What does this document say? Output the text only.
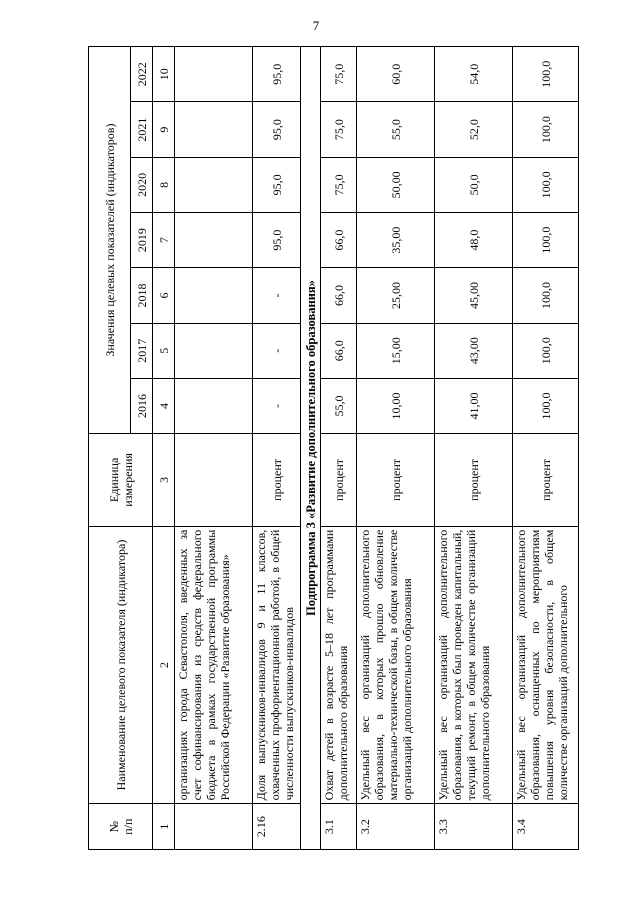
7
№
п/п	Наименование целевого показателя (индикатора)	Единица измерения	Значения целевых показателей (индикаторов)						
			2016	2017	2018	2019	2020	2021	2022
1	2	3	4	5	6	7	8	9	10
	организациях города Севастополя, введенных за счет софинансирования из средств федерального бюджета в рамках государственной программы Российской Федерации «Развитие образования»								
2.16	Доля выпускников-инвалидов 9 и 11 классов, охваченных профориентационной работой, в общей численности выпускников-инвалидов	процент	-	-	-	95,0	95,0	95,0	95,0
Подпрограмма 3 «Развитие дополнительного образования»									
3.1	Охват детей в возрасте 5–18 лет программами дополнительного образования	процент	55,0	66,0	66,0	66,0	75,0	75,0	75,0
3.2	Удельный вес организаций дополнительного образования, в которых прошло обновление материально-технической базы, в общем количестве организаций дополнительного образования	процент	10,00	15,00	25,00	35,00	50,00	55,0	60,0
3.3	Удельный вес организаций дополнительного образования, в которых был проведен капитальный, текущий ремонт, в общем количестве организаций дополнительного образования	процент	41,00	43,00	45,00	48,0	50,0	52,0	54,0
3.4	Удельный вес организаций дополнительного образования, оснащенных по мероприятиям повышения уровня безопасности, в общем количестве организаций дополнительного	процент	100,0	100,0	100,0	100,0	100,0	100,0	100,0
